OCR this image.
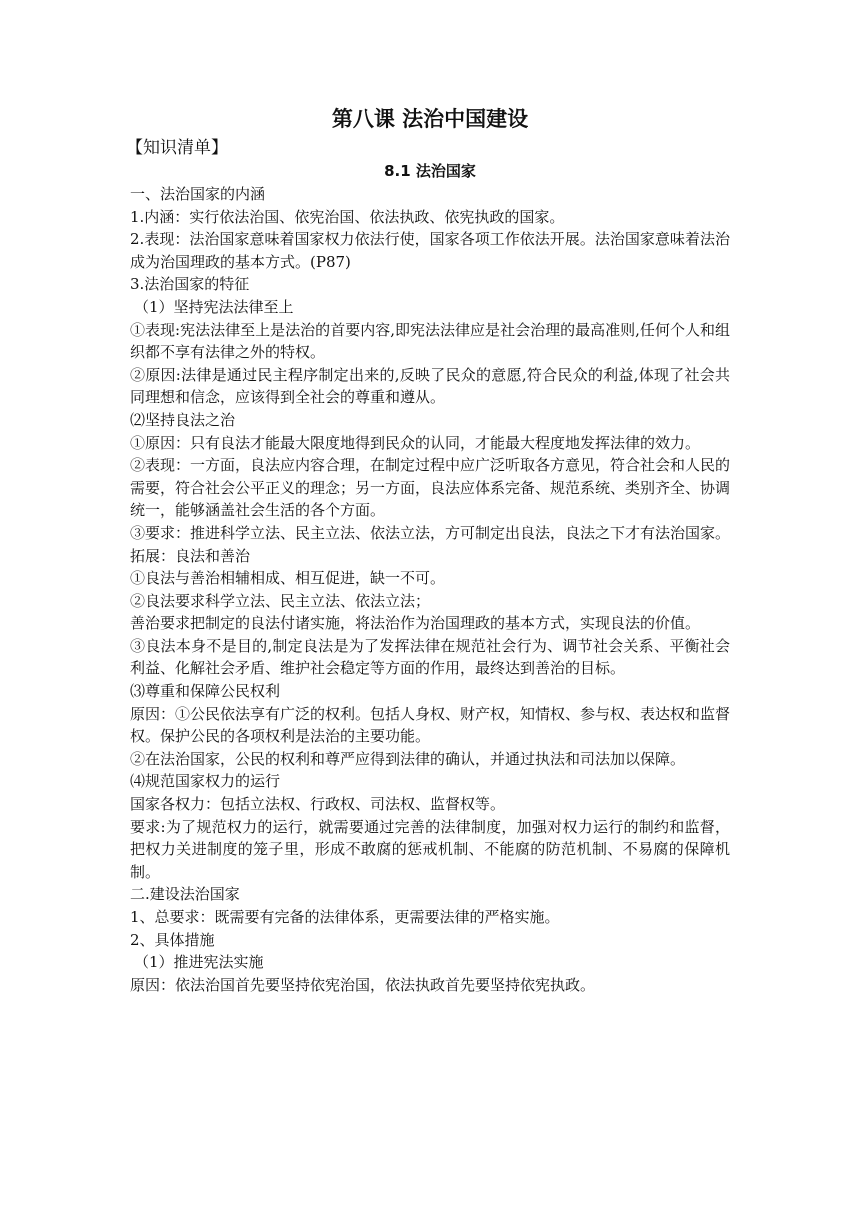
第八课 法治中国建设
【知识清单】
8.1 法治国家
一、法治国家的内涵
1.内涵：实行依法治国、依宪治国、依法执政、依宪执政的国家。
2.表现：法治国家意味着国家权力依法行使，国家各项工作依法开展。法治国家意味着法治成为治国理政的基本方式。(P87)
3.法治国家的特征
（1）坚持宪法法律至上
①表现:宪法法律至上是法治的首要内容,即宪法法律应是社会治理的最高准则,任何个人和组织都不享有法律之外的特权。
②原因:法律是通过民主程序制定出来的,反映了民众的意愿,符合民众的利益,体现了社会共同理想和信念，应该得到全社会的尊重和遵从。
⑵坚持良法之治
①原因：只有良法才能最大限度地得到民众的认同，才能最大程度地发挥法律的效力。
②表现：一方面，良法应内容合理，在制定过程中应广泛听取各方意见，符合社会和人民的需要，符合社会公平正义的理念；另一方面，良法应体系完备、规范系统、类别齐全、协调统一，能够涵盖社会生活的各个方面。
③要求：推进科学立法、民主立法、依法立法，方可制定出良法，良法之下才有法治国家。
拓展：良法和善治
①良法与善治相辅相成、相互促进，缺一不可。
②良法要求科学立法、民主立法、依法立法；
善治要求把制定的良法付诸实施，将法治作为治国理政的基本方式，实现良法的价值。
③良法本身不是目的,制定良法是为了发挥法律在规范社会行为、调节社会关系、平衡社会利益、化解社会矛盾、维护社会稳定等方面的作用，最终达到善治的目标。
⑶尊重和保障公民权利
原因：①公民依法享有广泛的权利。包括人身权、财产权，知情权、参与权、表达权和监督权。保护公民的各项权利是法治的主要功能。
②在法治国家，公民的权利和尊严应得到法律的确认，并通过执法和司法加以保障。
⑷规范国家权力的运行
国家各权力：包括立法权、行政权、司法权、监督权等。
要求:为了规范权力的运行，就需要通过完善的法律制度，加强对权力运行的制约和监督，把权力关进制度的笼子里，形成不敢腐的惩戒机制、不能腐的防范机制、不易腐的保障机制。
二.建设法治国家
1、总要求：既需要有完备的法律体系，更需要法律的严格实施。
2、具体措施
（1）推进宪法实施
原因：依法治国首先要坚持依宪治国，依法执政首先要坚持依宪执政。
